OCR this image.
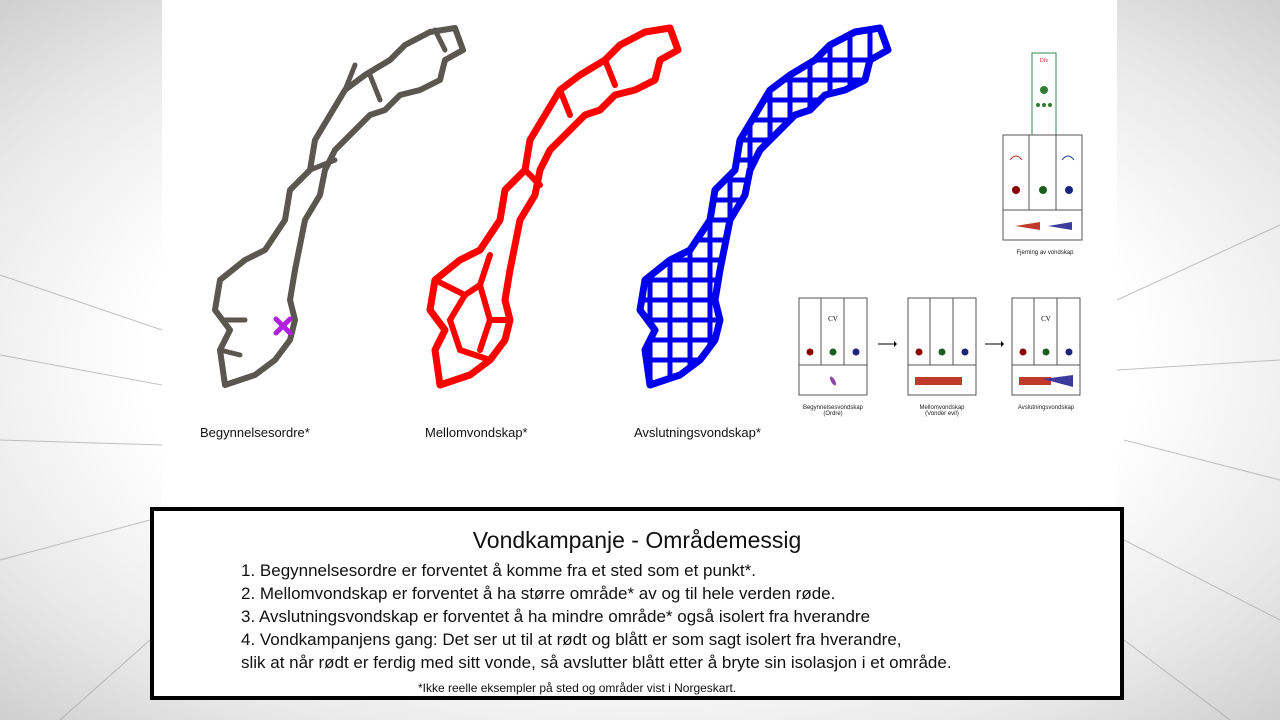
Begynnelsesordre*	Mellomvondskap*	Avslutningsvondskap*
Dfe
Fjerning av vondskap
CV	CV
Begynnelsesvondskap
(Ordre)
Mellomvondskap
(Vonder evil)
Avslutningsvondskap
Vondkampanje - Områdemessig
1. Begynnelsesordre er forventet å komme fra et sted som et punkt*.
2. Mellomvondskap er forventet å ha større område* av og til hele verden røde.
3. Avslutningsvondskap er forventet å ha mindre område* også isolert fra hverandre
4. Vondkampanjens gang: Det ser ut til at rødt og blått er som sagt isolert fra hverandre,
slik at når rødt er ferdig med sitt vonde, så avslutter blått etter å bryte sin isolasjon i et område.
*Ikke reelle eksempler på sted og områder vist i Norgeskart.
